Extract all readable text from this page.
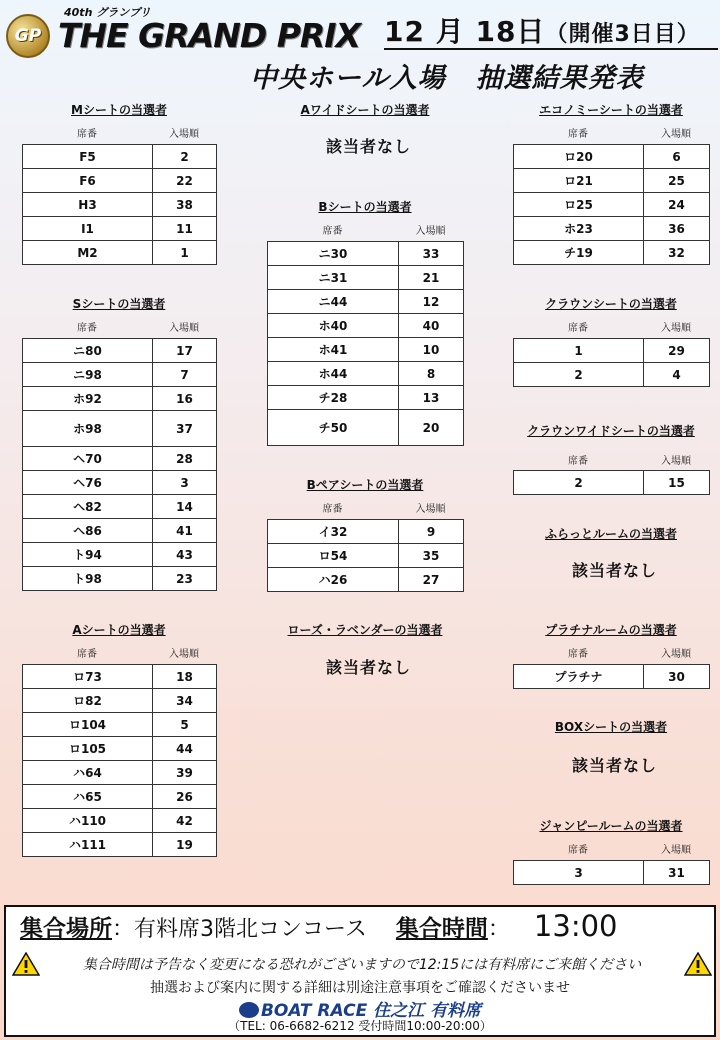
GP
40th グランプリ
THE GRAND PRIX 12 月 18日（開催3日目）
中央ホール入場 抽選結果発表
Mシートの当選者
席番	入場順
F5	2
F6	22
H3	38
I1	11
M2	1
Sシートの当選者
席番	入場順
ニ80	17
ニ98	7
ホ92	16
ホ98	37
ヘ70	28
ヘ76	3
ヘ82	14
ヘ86	41
ト94	43
ト98	23
Aシートの当選者
席番	入場順
ロ73	18
ロ82	34
ロ104	5
ロ105	44
ハ64	39
ハ65	26
ハ110	42
ハ111	19
Aワイドシートの当選者
該当者なし
Bシートの当選者
席番	入場順
ニ30	33
ニ31	21
ニ44	12
ホ40	40
ホ41	10
ホ44	8
チ28	13
チ50	20
Bペアシートの当選者
席番	入場順
イ32	9
ロ54	35
ハ26	27
ローズ・ラベンダーの当選者
該当者なし
エコノミーシートの当選者
席番	入場順
ロ20	6
ロ21	25
ロ25	24
ホ23	36
チ19	32
クラウンシートの当選者
席番	入場順
1	29
2	4
クラウンワイドシートの当選者
席番	入場順
2	15
ふらっとルームの当選者
該当者なし
プラチナルームの当選者
席番	入場順
プラチナ	30
BOXシートの当選者
該当者なし
ジャンピールームの当選者
席番	入場順
3	31
集合場所：有料席3階北コンコース 集合時間： 13:00
集合時間は予告なく変更になる恐れがございますので12:15には有料席にご来館ください
抽選および案内に関する詳細は別途注意事項をご確認くださいませ
BOAT RACE 住之江 有料席
（TEL: 06-6682-6212 受付時間10:00-20:00）
